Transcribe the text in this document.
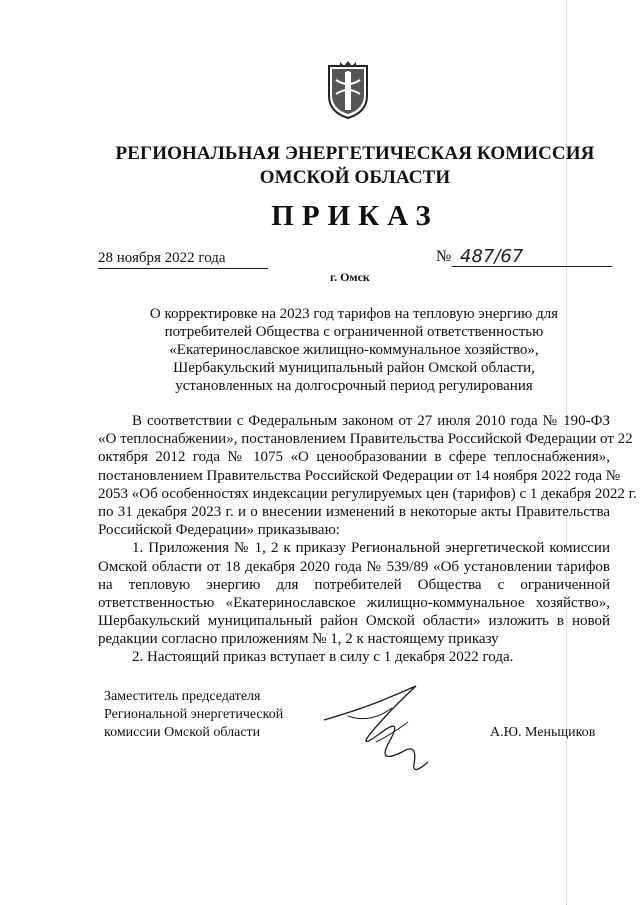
РЕГИОНАЛЬНАЯ ЭНЕРГЕТИЧЕСКАЯ КОМИССИЯ
ОМСКОЙ ОБЛАСТИ
ПРИКАЗ
28 ноября 2022 года	№ 487/67
г. Омск
О корректировке на 2023 год тарифов на тепловую энергию для
потребителей Общества с ограниченной ответственностью
«Екатеринославское жилищно-коммунальное хозяйство»,
Шербакульский муниципальный район Омской области,
установленных на долгосрочный период регулирования
В соответствии с Федеральным законом от 27 июля 2010 года № 190-ФЗ
«О теплоснабжении», постановлением Правительства Российской Федерации от 22
октября 2012 года № 1075 «О ценообразовании в сфере теплоснабжения»,
постановлением Правительства Российской Федерации от 14 ноября 2022 года №
2053 «Об особенностях индексации регулируемых цен (тарифов) с 1 декабря 2022 г.
по 31 декабря 2023 г. и о внесении изменений в некоторые акты Правительства
Российской Федерации» приказываю:
1. Приложения № 1, 2 к приказу Региональной энергетической комиссии
Омской области от 18 декабря 2020 года № 539/89 «Об установлении тарифов
на тепловую энергию для потребителей Общества с ограниченной
ответственностью «Екатеринославское жилищно-коммунальное хозяйство»,
Шербакульский муниципальный район Омской области» изложить в новой
редакции согласно приложениям № 1, 2 к настоящему приказу
2. Настоящий приказ вступает в силу с 1 декабря 2022 года.
Заместитель председателя
Региональной энергетической
комиссии Омской области	А.Ю. Меньщиков
